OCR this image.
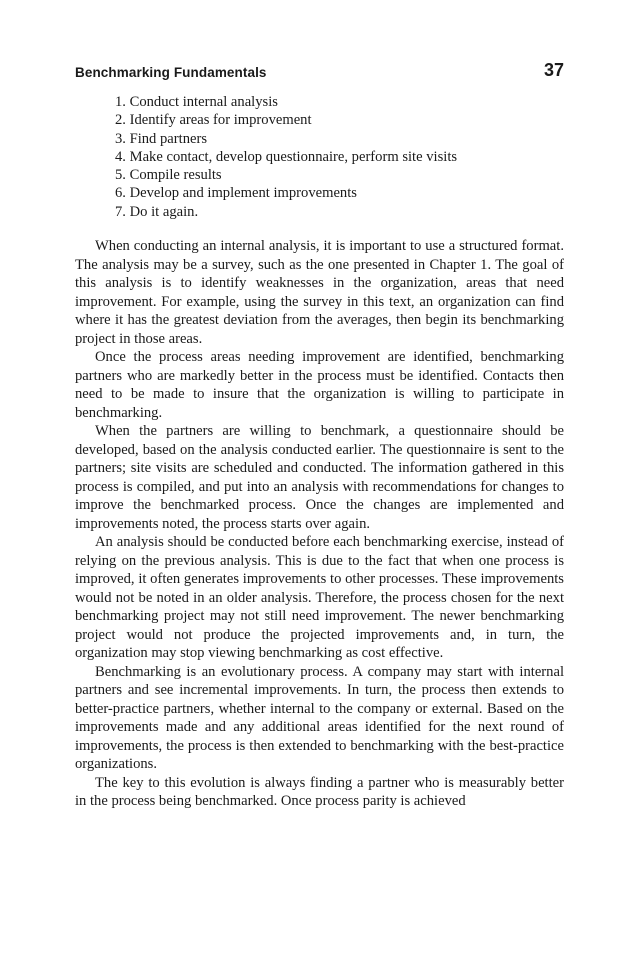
Benchmarking Fundamentals	37
1. Conduct internal analysis
2. Identify areas for improvement
3. Find partners
4. Make contact, develop questionnaire, perform site visits
5. Compile results
6. Develop and implement improvements
7. Do it again.

When conducting an internal analysis, it is important to use a structured format. The analysis may be a survey, such as the one presented in Chapter 1. The goal of this analysis is to identify weaknesses in the organization, areas that need improvement. For example, using the survey in this text, an organization can find where it has the greatest deviation from the averages, then begin its benchmarking project in those areas.

Once the process areas needing improvement are identified, benchmarking partners who are markedly better in the process must be identified. Contacts then need to be made to insure that the organization is willing to participate in benchmarking.

When the partners are willing to benchmark, a questionnaire should be developed, based on the analysis conducted earlier. The questionnaire is sent to the partners; site visits are scheduled and conducted. The information gathered in this process is compiled, and put into an analysis with recommendations for changes to improve the benchmarked process. Once the changes are implemented and improvements noted, the process starts over again.

An analysis should be conducted before each benchmarking exercise, instead of relying on the previous analysis. This is due to the fact that when one process is improved, it often generates improvements to other processes. These improvements would not be noted in an older analysis. Therefore, the process chosen for the next benchmarking project may not still need improvement. The newer benchmarking project would not produce the projected improvements and, in turn, the organization may stop viewing benchmarking as cost effective.

Benchmarking is an evolutionary process. A company may start with internal partners and see incremental improvements. In turn, the process then extends to better-practice partners, whether internal to the company or external. Based on the improvements made and any additional areas identified for the next round of improvements, the process is then extended to benchmarking with the best-practice organizations.

The key to this evolution is always finding a partner who is measurably better in the process being benchmarked. Once process parity is achieved
